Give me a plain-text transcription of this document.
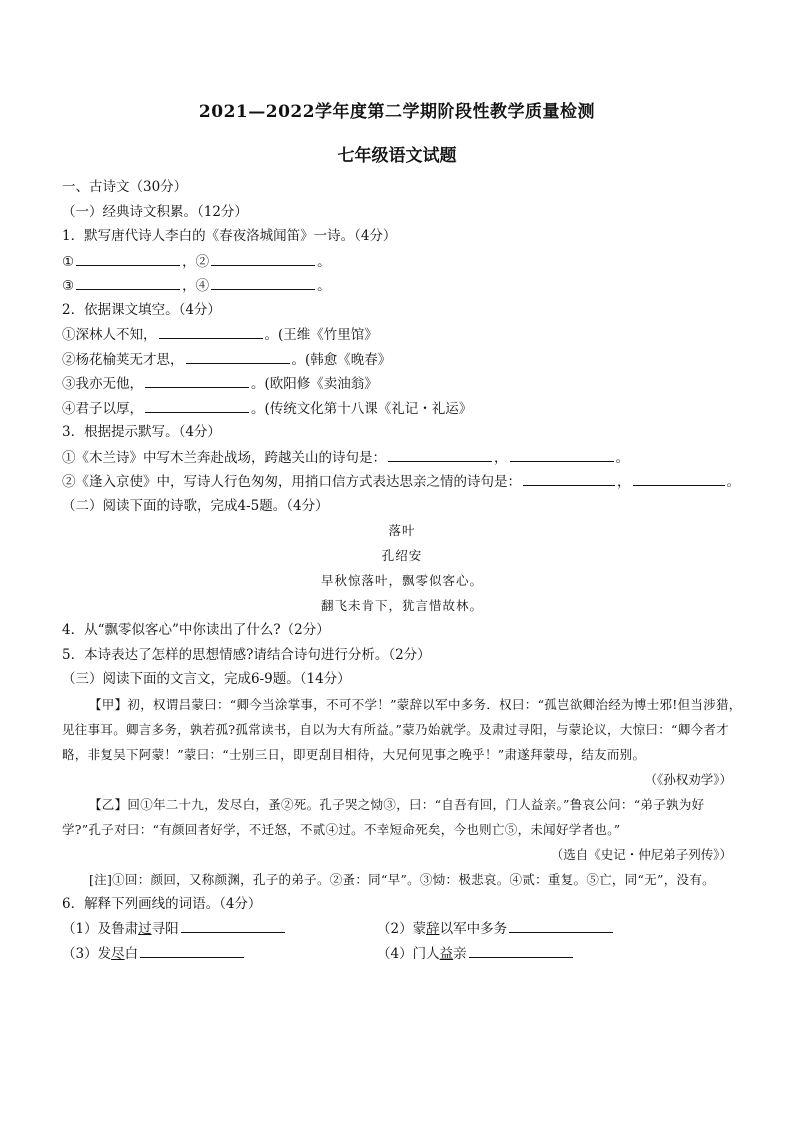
2021—2022学年度第二学期阶段性教学质量检测
七年级语文试题
一、古诗文（30分）
（一）经典诗文积累。（12分）
1．默写唐代诗人李白的《春夜洛城闻笛》一诗。（4分）
①	，②	。
③	，④	。
2．依据课文填空。（4分）
①深林人不知，	。(王维《竹里馆》
②杨花榆荚无才思，	。(韩愈《晚春》
③我亦无他，	。(欧阳修《卖油翁》
④君子以厚，	。(传统文化第十八课《礼记・礼运》
3．根据提示默写。（4分）
①《木兰诗》中写木兰奔赴战场，跨越关山的诗句是：	，	。
②《逢入京使》中，写诗人行色匆匆，用捎口信方式表达思亲之情的诗句是：	，	。
（二）阅读下面的诗歌，完成4-5题。（4分）
落叶
孔绍安
早秋惊落叶，飘零似客心。
翻飞未肯下，犹言惜故林。
4．从“飘零似客心”中你读出了什么?（2分）
5．本诗表达了怎样的思想情感?请结合诗句进行分析。（2分）
（三）阅读下面的文言文，完成6-9题。（14分）
【甲】初，权谓吕蒙曰：“卿今当涂掌事，不可不学！”蒙辞以军中多务．权曰：“孤岂欲卿治经为博士邪!但当涉猎，见往事耳。卿言多务，孰若孤?孤常读书，自以为大有所益。”蒙乃始就学。及肃过寻阳，与蒙论议，大惊曰：“卿今者才略，非复吴下阿蒙！”蒙曰：“士别三日，即更刮目相待，大兄何见事之晚乎！”肃遂拜蒙母，结友而别。
（《孙权劝学》）
【乙】回①年二十九，发尽白，蚤②死。孔子哭之恸③，曰：“自吾有回，门人益亲。”鲁哀公问：“弟子孰为好学?”孔子对曰：“有颜回者好学，不迁怒，不贰④过。不幸短命死矣，今也则亡⑤，未闻好学者也。”
（选自《史记・仲尼弟子列传》）
[注]①回：颜回，又称颜渊，孔子的弟子。②蚤：同“早”。③恸：极悲哀。④贰：重复。⑤亡，同“无”，没有。
6．解释下列画线的词语。（4分）
（1）及鲁肃过寻阳	（2）蒙辞以军中多务
（3）发尽白	（4）门人益亲
